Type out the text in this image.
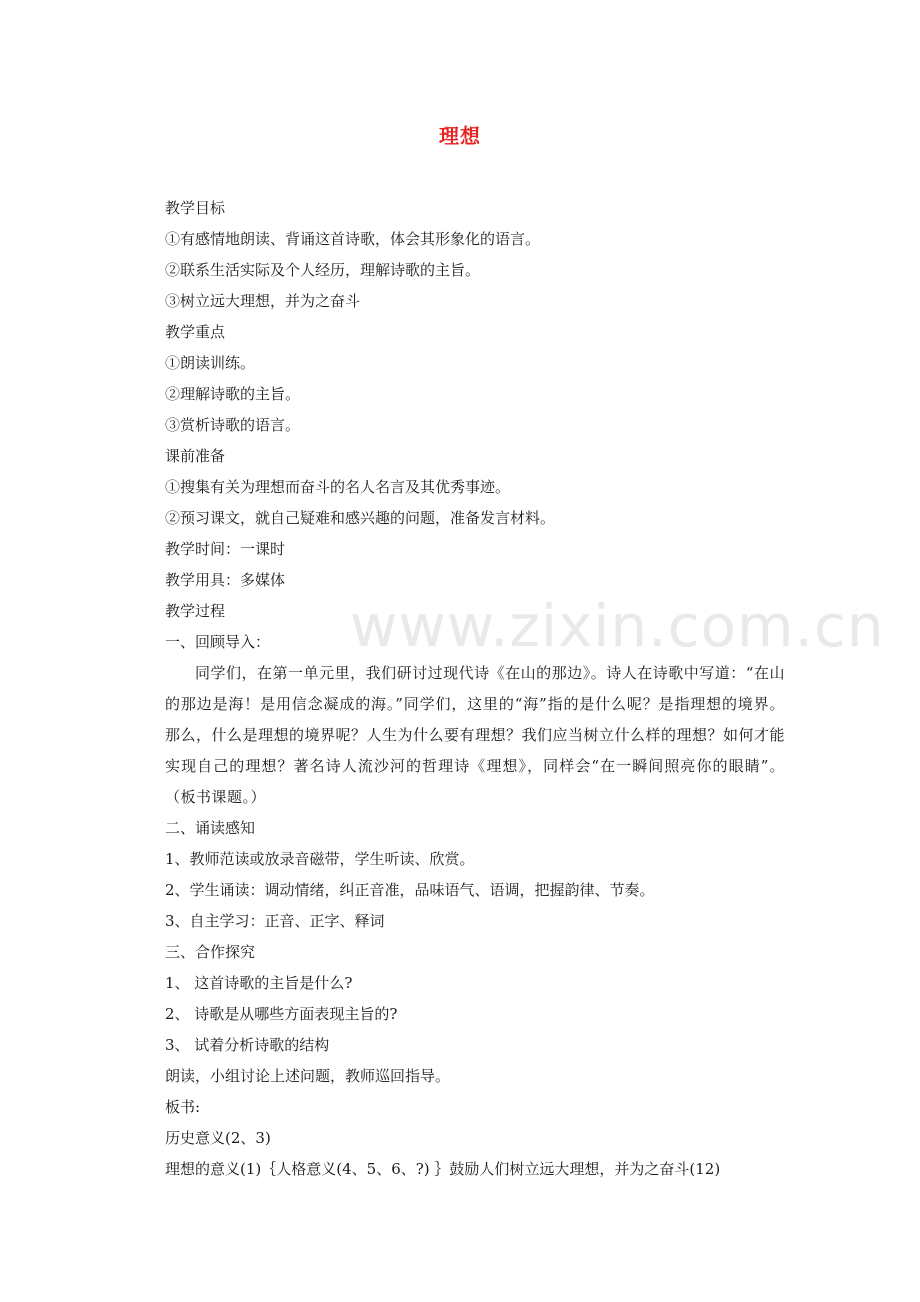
www.zixin.com.cn
理想
教学目标
①有感情地朗读、背诵这首诗歌，体会其形象化的语言。
②联系生活实际及个人经历，理解诗歌的主旨。
③树立远大理想，并为之奋斗
教学重点
①朗读训练。
②理解诗歌的主旨。
③赏析诗歌的语言。
课前准备
①搜集有关为理想而奋斗的名人名言及其优秀事迹。
②预习课文，就自己疑难和感兴趣的问题，准备发言材料。
教学时间：一课时
教学用具：多媒体
教学过程
一、回顾导入：
同学们，在第一单元里，我们研讨过现代诗《在山的那边》。诗人在诗歌中写道：“在山的那边是海！是用信念凝成的海。”同学们，这里的“海”指的是什么呢？是指理想的境界。那么，什么是理想的境界呢？人生为什么要有理想？我们应当树立什么样的理想？如何才能实现自己的理想？著名诗人流沙河的哲理诗《理想》，同样会“在一瞬间照亮你的眼睛”。（板书课题。）
二、诵读感知
1、教师范读或放录音磁带，学生听读、欣赏。
2、学生诵读：调动情绪，纠正音准，品味语气、语调，把握韵律、节奏。
3、自主学习：正音、正字、释词
三、合作探究
1、 这首诗歌的主旨是什么?
2、 诗歌是从哪些方面表现主旨的?
3、 试着分析诗歌的结构
朗读，小组讨论上述问题，教师巡回指导。
板书:
历史意义(2、3)
理想的意义(1)｛人格意义(4、5、6、?) ｝鼓励人们树立远大理想，并为之奋斗(12)
